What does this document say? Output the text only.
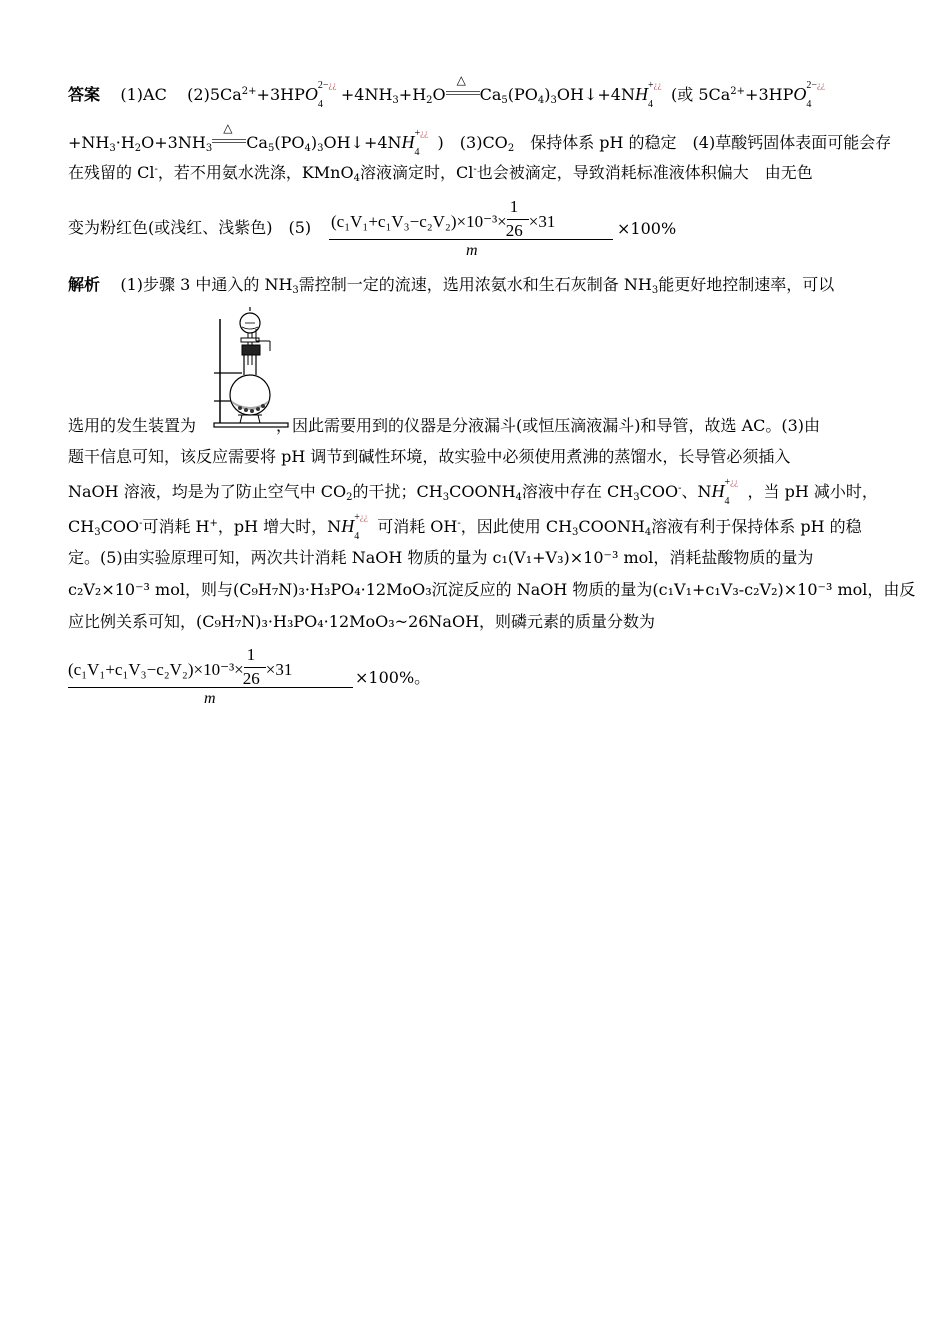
答案 (1)AC $(2)5Ca^{2+}+3HPO$ 2−¿¿
4
$+4NH_3+H_2O$
△
$Ca_5(PO_4)_3OH↓+4NH$ +¿¿
4
(或 $5Ca^{2+}+3HPO$ 2−¿¿
4
$+NH_3\cdot H_2O+3NH_3$
△
$Ca_5(PO_4)_3OH↓+4NH$ +¿¿
4
)　$(3)CO_2$　保持体系 pH 的稳定　(4)草酸钙固体表面可能会存
在残留的 Cl-，若不用氨水洗涤，KMnO$_4$溶液滴定时，Cl-也会被滴定，导致消耗标准液体积偏大　由无色
变为粉红色(或浅红、浅紫色)　(5) $(c_1V_1+c_1V_3-c_2V_2)\times 10^{-3}\times \frac{1}{26} \times 31$
m
×100%
解析 (1)步骤 3 中通入的 $NH_3$需控制一定的流速，选用浓氨水和生石灰制备 $NH_3$能更好地控制速率，可以
选用的发生装置为	，因此需要用到的仪器是分液漏斗(或恒压滴液漏斗)和导管，故选 AC。(3)由
题干信息可知，该反应需要将 pH 调节到碱性环境，故实验中必须使用煮沸的蒸馏水，长导管必须插入
NaOH 溶液，均是为了防止空气中 $CO_2$的干扰；$CH_3COONH_4$溶液中存在 $CH_3COO^-$、NH +¿¿
4
，当 pH 减小时，
$CH_3COO^-$可消耗 H+，pH 增大时，NH +¿¿
4
可消耗 OH-，因此使用 $CH_3COONH_4$溶液有利于保持体系 pH 的稳
定。(5)由实验原理可知，两次共计消耗 NaOH 物质的量为 c₁(V₁+V₃)×10⁻³ mol，消耗盐酸物质的量为
c₂V₂×10⁻³ mol，则与(C₉H₇N)₃·H₃PO₄·12MoO₃沉淀反应的 NaOH 物质的量为(c₁V₁+c₁V₃-c₂V₂)×10⁻³ mol，由反
应比例关系可知，(C₉H₇N)₃·H₃PO₄·12MoO₃~26NaOH，则磷元素的质量分数为
$(c_1V_1+c_1V_3-c_2V_2)\times 10^{-3}\times \frac{1}{26} \times 31$
m
×100%。
